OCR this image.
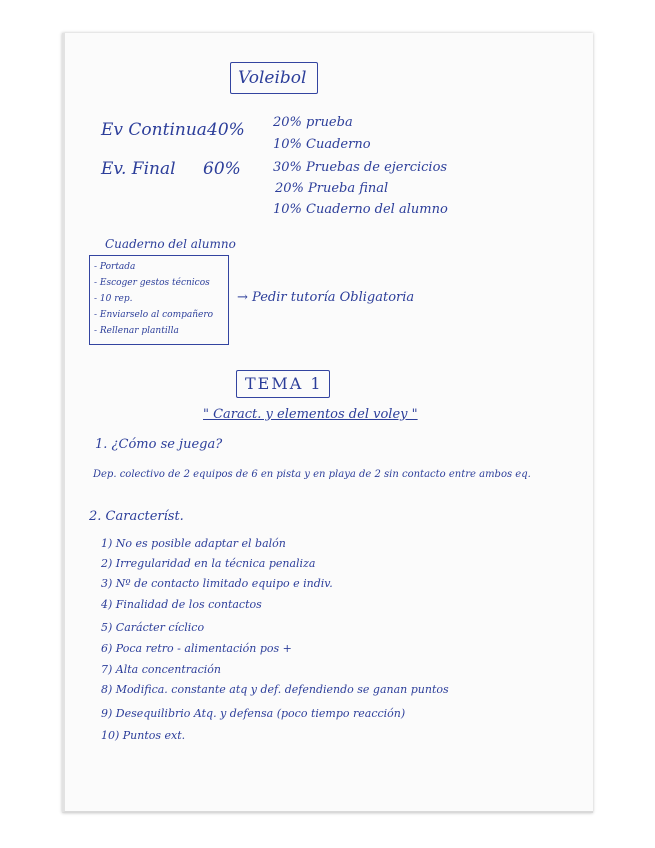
Voleibol
Ev Continua 40%
Ev. Final 60%
20% prueba
10% Cuaderno
30% Pruebas de ejercicios
20% Prueba final
10% Cuaderno del alumno
Cuaderno del alumno
- Portada
- Escoger gestos técnicos
- 10 rep.
- Enviarselo al compañero
- Rellenar plantilla
→ Pedir tutoría Obligatoria
TEMA 1
" Caract. y elementos del voley "
1. ¿Cómo se juega?
Dep. colectivo de 2 equipos de 6 en pista y en playa de 2 sin contacto entre ambos eq.
2. Característ.
1) No es posible adaptar el balón
2) Irregularidad en la técnica penaliza
3) Nº de contacto limitado equipo e indiv.
4) Finalidad de los contactos
5) Carácter cíclico
6) Poca retro - alimentación pos +
7) Alta concentración
8) Modifica. constante atq y def. defendiendo se ganan puntos
9) Desequilibrio Atq. y defensa (poco tiempo reacción)
10) Puntos ext.
